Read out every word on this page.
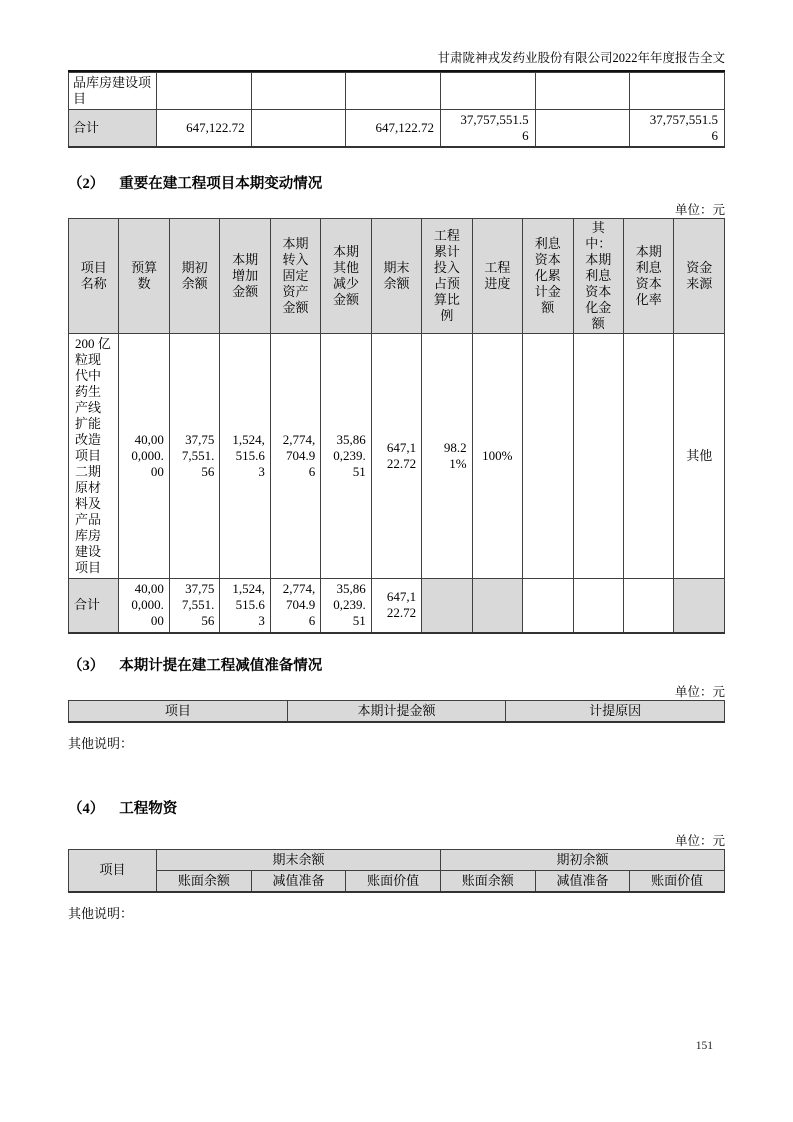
甘肃陇神戎发药业股份有限公司2022年年度报告全文
品库房建设项目						
合计	647,122.72		647,122.72	37,757,551.56		37,757,551.56
（2） 重要在建工程项目本期变动情况
单位：元
项目名称	预算数	期初余额	本期增加金额	本期转入固定资产金额	本期其他减少金额	期末余额	工程累计投入占预算比例	工程进度	利息资本化累计金额	其中：本期利息资本化金额	本期利息资本化率	资金来源
200 亿粒现代中药生产线扩能改造项目二期原材料及产品库房建设项目	40,000,000.00	37,757,551.56	1,524,515.63	2,774,704.96	35,860,239.51	647,122.72	98.21%	100%				其他
合计	40,000,000.00	37,757,551.56	1,524,515.63	2,774,704.96	35,860,239.51	647,122.72						
（3） 本期计提在建工程减值准备情况
单位：元
项目	本期计提金额	计提原因
其他说明：
（4） 工程物资
单位：元
项目	期末余额			期初余额		
	账面余额	减值准备	账面价值	账面余额	减值准备	账面价值
其他说明：
151
